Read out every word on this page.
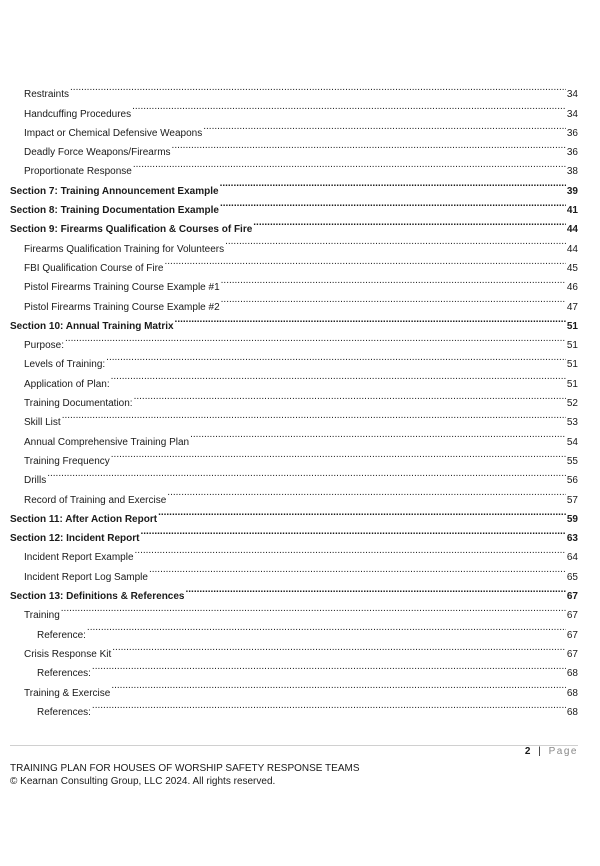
Restraints .....	34
Handcuffing Procedures .....	34
Impact or Chemical Defensive Weapons .....	36
Deadly Force Weapons/Firearms .....	36
Proportionate Response .....	38
Section 7: Training Announcement Example .....	39
Section 8: Training Documentation Example .....	41
Section 9: Firearms Qualification & Courses of Fire .....	44
Firearms Qualification Training for Volunteers .....	44
FBI Qualification Course of Fire .....	45
Pistol Firearms Training Course Example #1 .....	46
Pistol Firearms Training Course Example #2 .....	47
Section 10: Annual Training Matrix .....	51
Purpose: .....	51
Levels of Training: .....	51
Application of Plan: .....	51
Training Documentation: .....	52
Skill List .....	53
Annual Comprehensive Training Plan .....	54
Training Frequency .....	55
Drills .....	56
Record of Training and Exercise .....	57
Section 11: After Action Report .....	59
Section 12: Incident Report .....	63
Incident Report Example .....	64
Incident Report Log Sample .....	65
Section 13: Definitions & References .....	67
Training .....	67
Reference: .....	67
Crisis Response Kit .....	67
References: .....	68
Training & Exercise .....	68
References: .....	68
2 | Page
TRAINING PLAN FOR HOUSES OF WORSHIP SAFETY RESPONSE TEAMS
© Kearnan Consulting Group, LLC 2024. All rights reserved.
